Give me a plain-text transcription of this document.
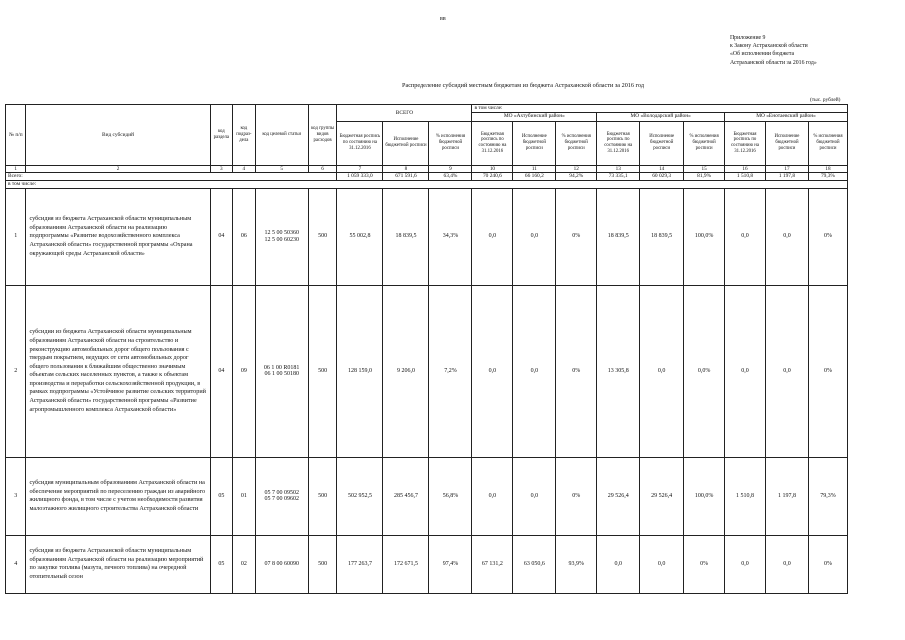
вв
Приложение 9
к Закону Астраханской области
«Об исполнении бюджета
Астраханской области за 2016 год»
Распределение субсидий местным бюджетам из бюджета Астраханской области за 2016 год
(тыс. рублей)
№ п/п	Вид субсидий	код раздела	код подраз-дела	код целевой статьи	код группы видов расходов	ВСЕГО			в том числе:								
									МО «Ахтубинский район»			МО «Володарский район»			МО «Енотаевский район»		
						Бюджетная роспись по состоянию на 31.12.2016	Исполнение бюджетной росписи	% исполнения бюджетной росписи	Бюджетная роспись по состоянию на 31.12.2016	Исполнение бюджетной росписи	% исполнения бюджетной росписи	Бюджетная роспись по состоянию на 31.12.2016	Исполнение бюджетной росписи	% исполнения бюджетной росписи	Бюджетная роспись по состоянию на 31.12.2016	Исполнение бюджетной росписи	% исполнения бюджетной росписи
1	2	3	4	5	6	7	8	9	10	11	12	13	14	15	16	17	18
Всего:						1 059 333,0	671 591,6	63,4%	70 240,6	66 160,2	94,2%	73 335,1	60 029,3	81,9%	1 510,8	1 197,8	79,3%
в том числе:																	
1	субсидия из бюджета Астраханской области муниципальным образованиям Астраханской области на реализацию подпрограммы «Развитие водохозяйственного комплекса Астраханской области» государственной программы «Охрана окружающей среды Астраханской области»	04	06	12 5 00 50360
12 5 00 60230	500	55 002,8	18 839,5	34,3%	0,0	0,0	0%	18 839,5	18 839,5	100,0%	0,0	0,0	0%
2	субсидии из бюджета Астраханской области муниципальным образованиям Астраханской области на строительство и реконструкцию автомобильных дорог общего пользования с твердым покрытием, ведущих от сети автомобильных дорог общего пользования к ближайшим общественно значимым объектам сельских населенных пунктов, а также к объектам производства и переработки сельскохозяйственной продукции, в рамках подпрограммы «Устойчивое развитие сельских территорий Астраханской области» государственной программы «Развитие агропромышленного комплекса Астраханской области»	04	09	06 1 00 R0181
06 1 00 50180	500	128 159,0	9 206,0	7,2%	0,0	0,0	0%	13 305,8	0,0	0,0%	0,0	0,0	0%
3	субсидия муниципальным образованиям Астраханской области на обеспечение мероприятий по переселению граждан из аварийного жилищного фонда, в том числе с учетом необходимости развития малоэтажного жилищного строительства Астраханской области	05	01	05 7 00 09502
05 7 00 09602	500	502 952,5	285 456,7	56,8%	0,0	0,0	0%	29 526,4	29 526,4	100,0%	1 510,8	1 197,8	79,3%
4	субсидия из бюджета Астраханской области муниципальным образованиям Астраханской области на реализацию мероприятий по закупке топлива (мазута, печного топлива) на очередной отопительный сезон	05	02	07 8 00 60090	500	177 263,7	172 671,5	97,4%	67 131,2	63 050,6	93,9%	0,0	0,0	0%	0,0	0,0	0%
